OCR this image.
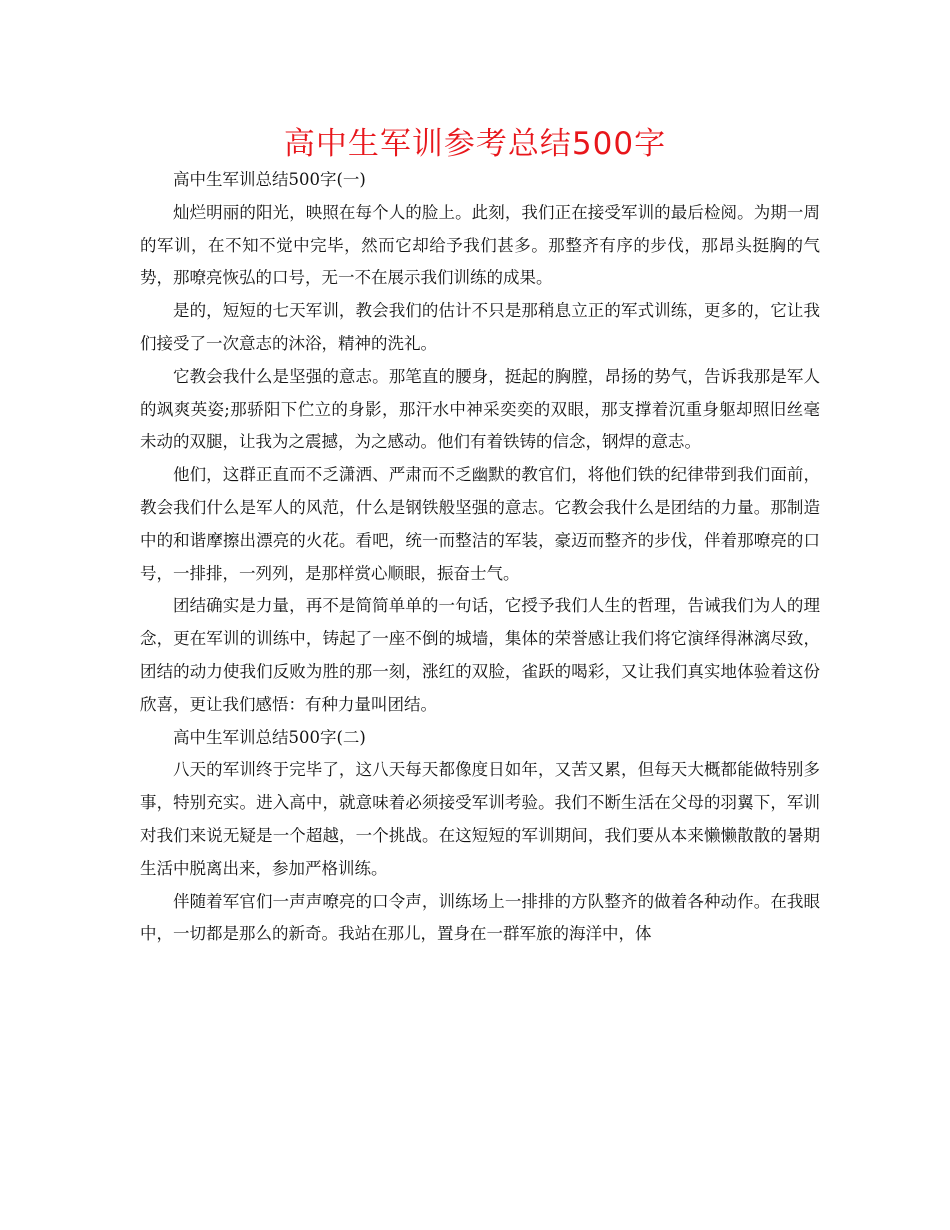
高中生军训参考总结500字

高中生军训总结500字(一)

灿烂明丽的阳光，映照在每个人的脸上。此刻，我们正在接受军训的最后检阅。为期一周的军训，在不知不觉中完毕，然而它却给予我们甚多。那整齐有序的步伐，那昂头挺胸的气势，那嘹亮恢弘的口号，无一不在展示我们训练的成果。

是的，短短的七天军训，教会我们的估计不只是那稍息立正的军式训练，更多的，它让我们接受了一次意志的沐浴，精神的洗礼。

它教会我什么是坚强的意志。那笔直的腰身，挺起的胸膛，昂扬的势气，告诉我那是军人的飒爽英姿;那骄阳下伫立的身影，那汗水中神采奕奕的双眼，那支撑着沉重身躯却照旧丝毫未动的双腿，让我为之震撼，为之感动。他们有着铁铸的信念，钢焊的意志。

他们，这群正直而不乏潇洒、严肃而不乏幽默的教官们，将他们铁的纪律带到我们面前，教会我们什么是军人的风范，什么是钢铁般坚强的意志。它教会我什么是团结的力量。那制造中的和谐摩擦出漂亮的火花。看吧，统一而整洁的军装，豪迈而整齐的步伐，伴着那嘹亮的口号，一排排，一列列，是那样赏心顺眼，振奋士气。

团结确实是力量，再不是简简单单的一句话，它授予我们人生的哲理，告诫我们为人的理念，更在军训的训练中，铸起了一座不倒的城墙，集体的荣誉感让我们将它演绎得淋漓尽致，团结的动力使我们反败为胜的那一刻，涨红的双脸，雀跃的喝彩，又让我们真实地体验着这份欣喜，更让我们感悟：有种力量叫团结。

高中生军训总结500字(二)

八天的军训终于完毕了，这八天每天都像度日如年，又苦又累，但每天大概都能做特别多事，特别充实。进入高中，就意味着必须接受军训考验。我们不断生活在父母的羽翼下，军训对我们来说无疑是一个超越，一个挑战。在这短短的军训期间，我们要从本来懒懒散散的暑期生活中脱离出来，参加严格训练。

伴随着军官们一声声嘹亮的口令声，训练场上一排排的方队整齐的做着各种动作。在我眼中，一切都是那么的新奇。我站在那儿，置身在一群军旅的海洋中，体
